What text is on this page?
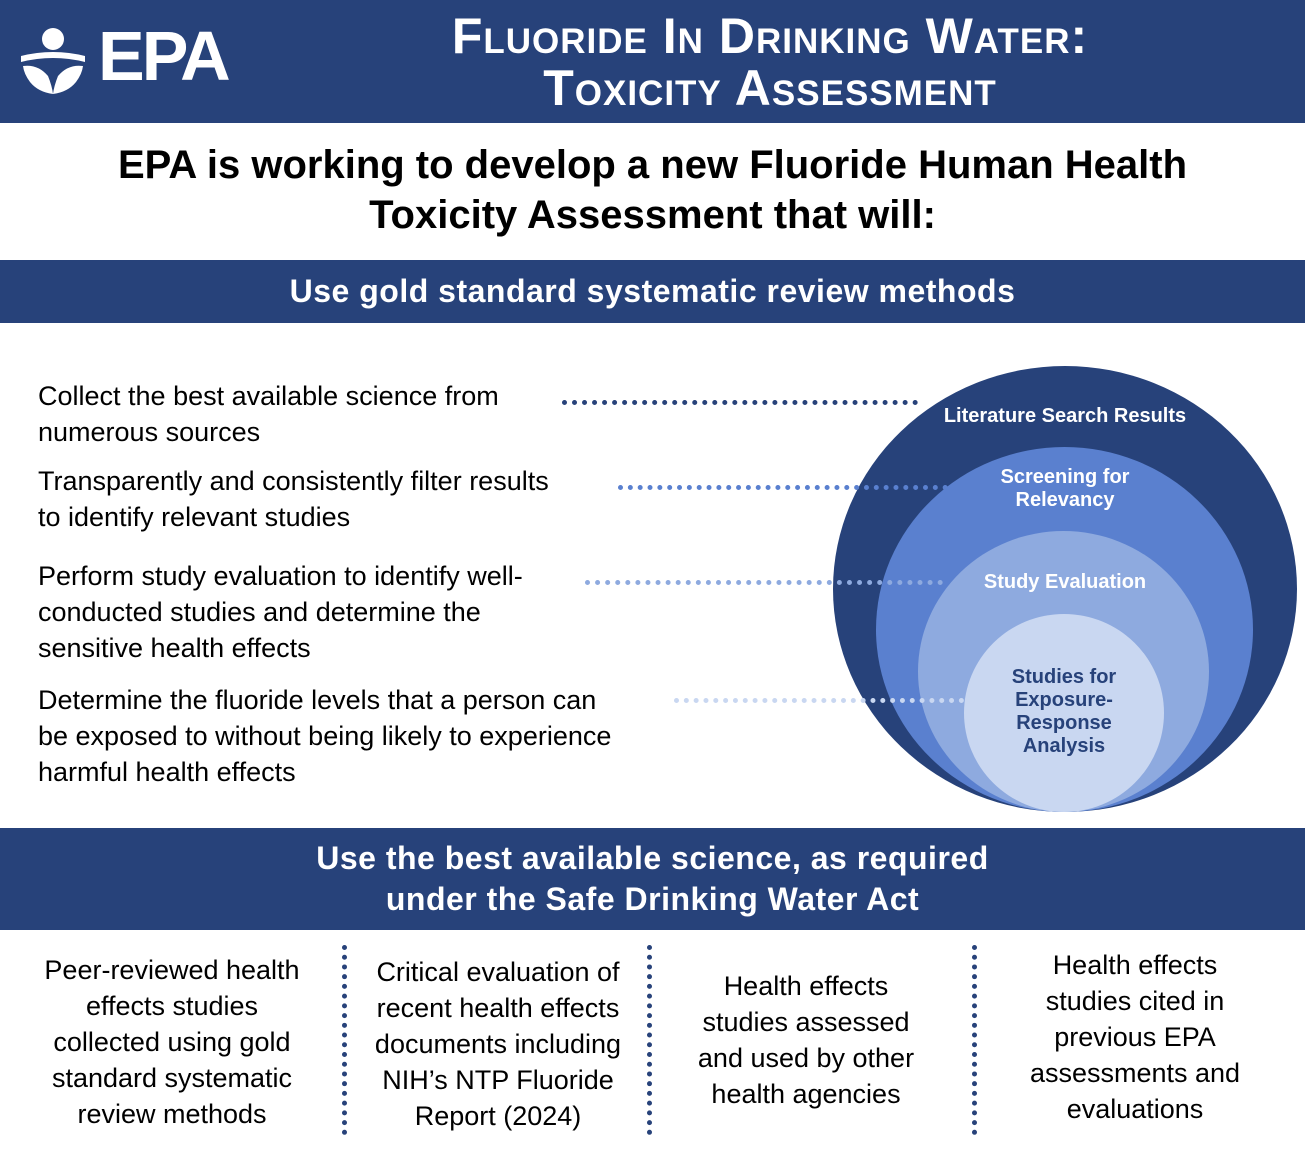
EPA	Fluoride In Drinking Water:
Toxicity Assessment
EPA is working to develop a new Fluoride Human Health
Toxicity Assessment that will:
Use gold standard systematic review methods
Collect the best available science from
numerous sources
Transparently and consistently filter results
to identify relevant studies
Perform study evaluation to identify well-
conducted studies and determine the
sensitive health effects
Determine the fluoride levels that a person can
be exposed to without being likely to experience
harmful health effects
Literature Search Results
Screening for
Relevancy
Study Evaluation
Studies for
Exposure-
Response
Analysis
Use the best available science, as required
under the Safe Drinking Water Act
Peer-reviewed health
effects studies
collected using gold
standard systematic
review methods
Critical evaluation of
recent health effects
documents including
NIH’s NTP Fluoride
Report (2024)
Health effects
studies assessed
and used by other
health agencies
Health effects
studies cited in
previous EPA
assessments and
evaluations
